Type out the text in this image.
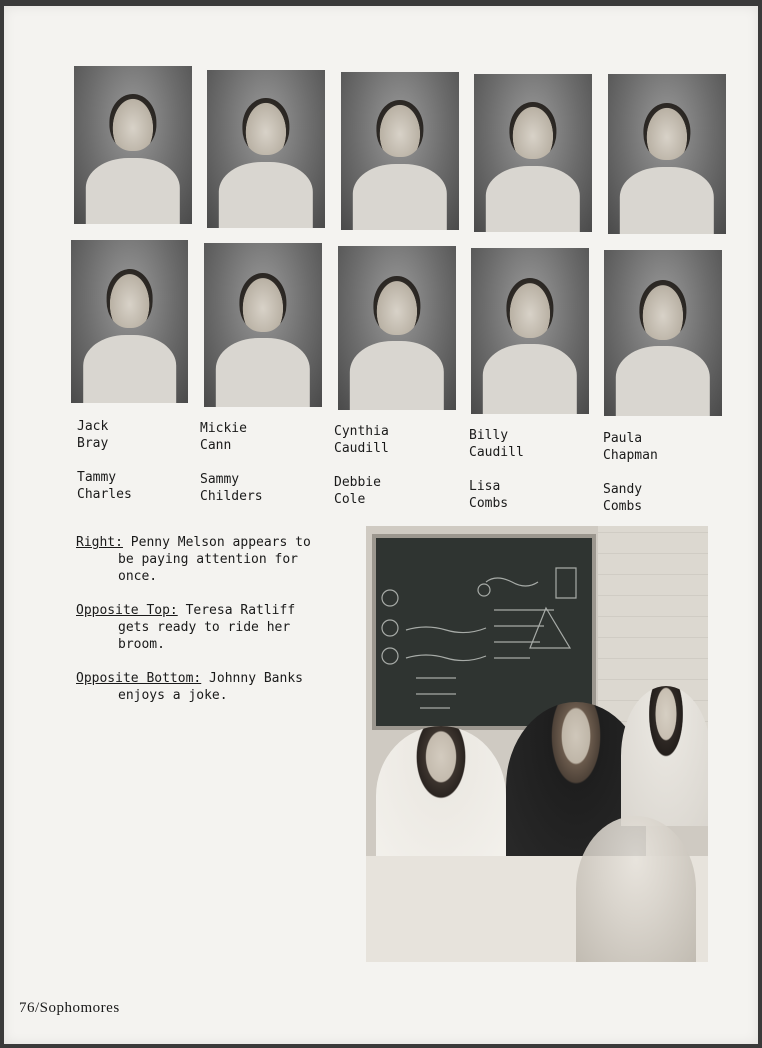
Jack
Bray
Tammy
Charles
Mickie
Cann
Sammy
Childers
Cynthia
Caudill
Debbie
Cole
Billy
Caudill
Lisa
Combs
Paula
Chapman
Sandy
Combs
Right: Penny Melson appears to
be paying attention for
once.
Opposite Top: Teresa Ratliff
gets ready to ride her
broom.
Opposite Bottom: Johnny Banks
enjoys a joke.
76/Sophomores
